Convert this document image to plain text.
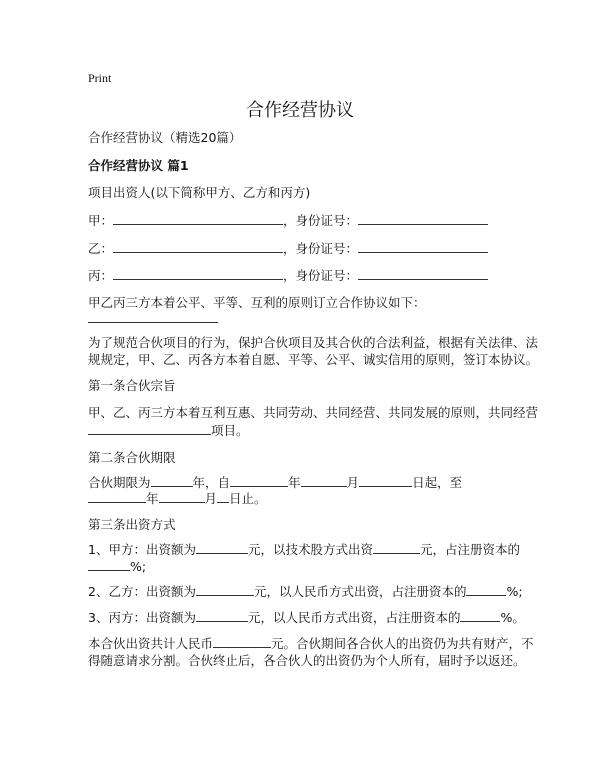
Print
合作经营协议
合作经营协议（精选20篇）
合作经营协议 篇1
项目出资人(以下简称甲方、乙方和丙方)
甲：	，身份证号：
乙：	，身份证号：
丙：	，身份证号：
甲乙丙三方本着公平、平等、互利的原则订立合作协议如下：
为了规范合伙项目的行为，保护合伙项目及其合伙的合法利益，根据有关法律、法
规规定，甲、乙、丙各方本着自愿、平等、公平、诚实信用的原则，签订本协议。
第一条合伙宗旨
甲、乙、丙三方本着互利互惠、共同劳动、共同经营、共同发展的原则，共同经营
项目。
第二条合伙期限
合伙期限为	年，自	年	月	日起，至
年	月 日止。
第三条出资方式
1、甲方：出资额为	元，以技术股方式出资	元，占注册资本的
%;
2、乙方：出资额为	元，以人民币方式出资，占注册资本的	%;
3、丙方：出资额为	元，以人民币方式出资，占注册资本的	%。
本合伙出资共计人民币	元。合伙期间各合伙人的出资仍为共有财产，不
得随意请求分割。合伙终止后，各合伙人的出资仍为个人所有，届时予以返还。
